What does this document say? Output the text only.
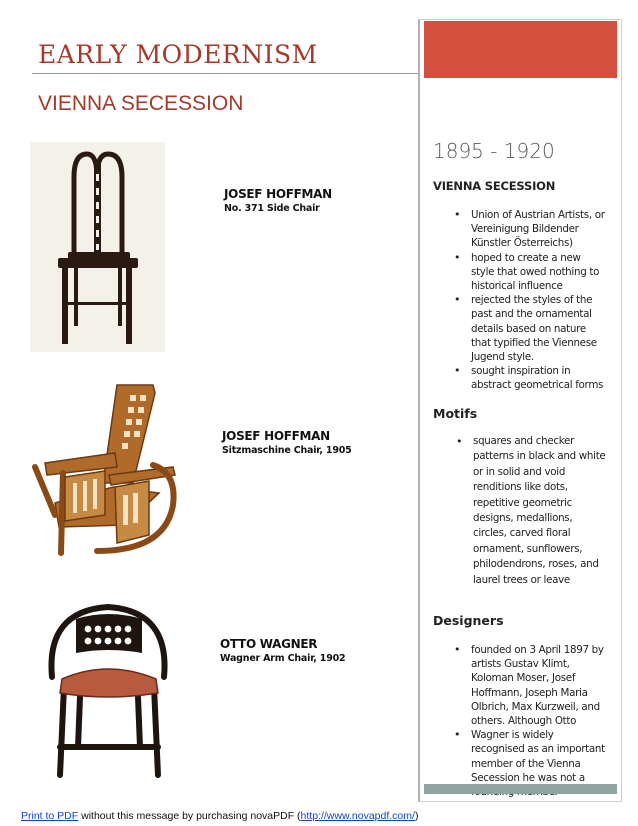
EARLY MODERNISM
VIENNA SECESSION
JOSEF HOFFMAN
No. 371 Side Chair
JOSEF HOFFMAN
Sitzmaschine Chair, 1905
OTTO WAGNER
Wagner Arm Chair, 1902
1895 - 1920
VIENNA SECESSION
• Union of Austrian Artists, or Vereinigung Bildender Künstler Österreichs)
• hoped to create a new style that owed nothing to historical influence
• rejected the styles of the past and the ornamental details based on nature that typified the Viennese Jugend style.
• sought inspiration in abstract geometrical forms
Motifs
• squares and checker patterns in black and white or in solid and void renditions like dots, repetitive geometric designs, medallions, circles, carved floral ornament, sunflowers, philodendrons, roses, and laurel trees or leave
Designers
• founded on 3 April 1897 by artists Gustav Klimt, Koloman Moser, Josef Hoffmann, Joseph Maria Olbrich, Max Kurzweil, and others. Although Otto
• Wagner is widely recognised as an important member of the Vienna Secession he was not a
Print to PDF without this message by purchasing novaPDF (http://www.novapdf.com/)
